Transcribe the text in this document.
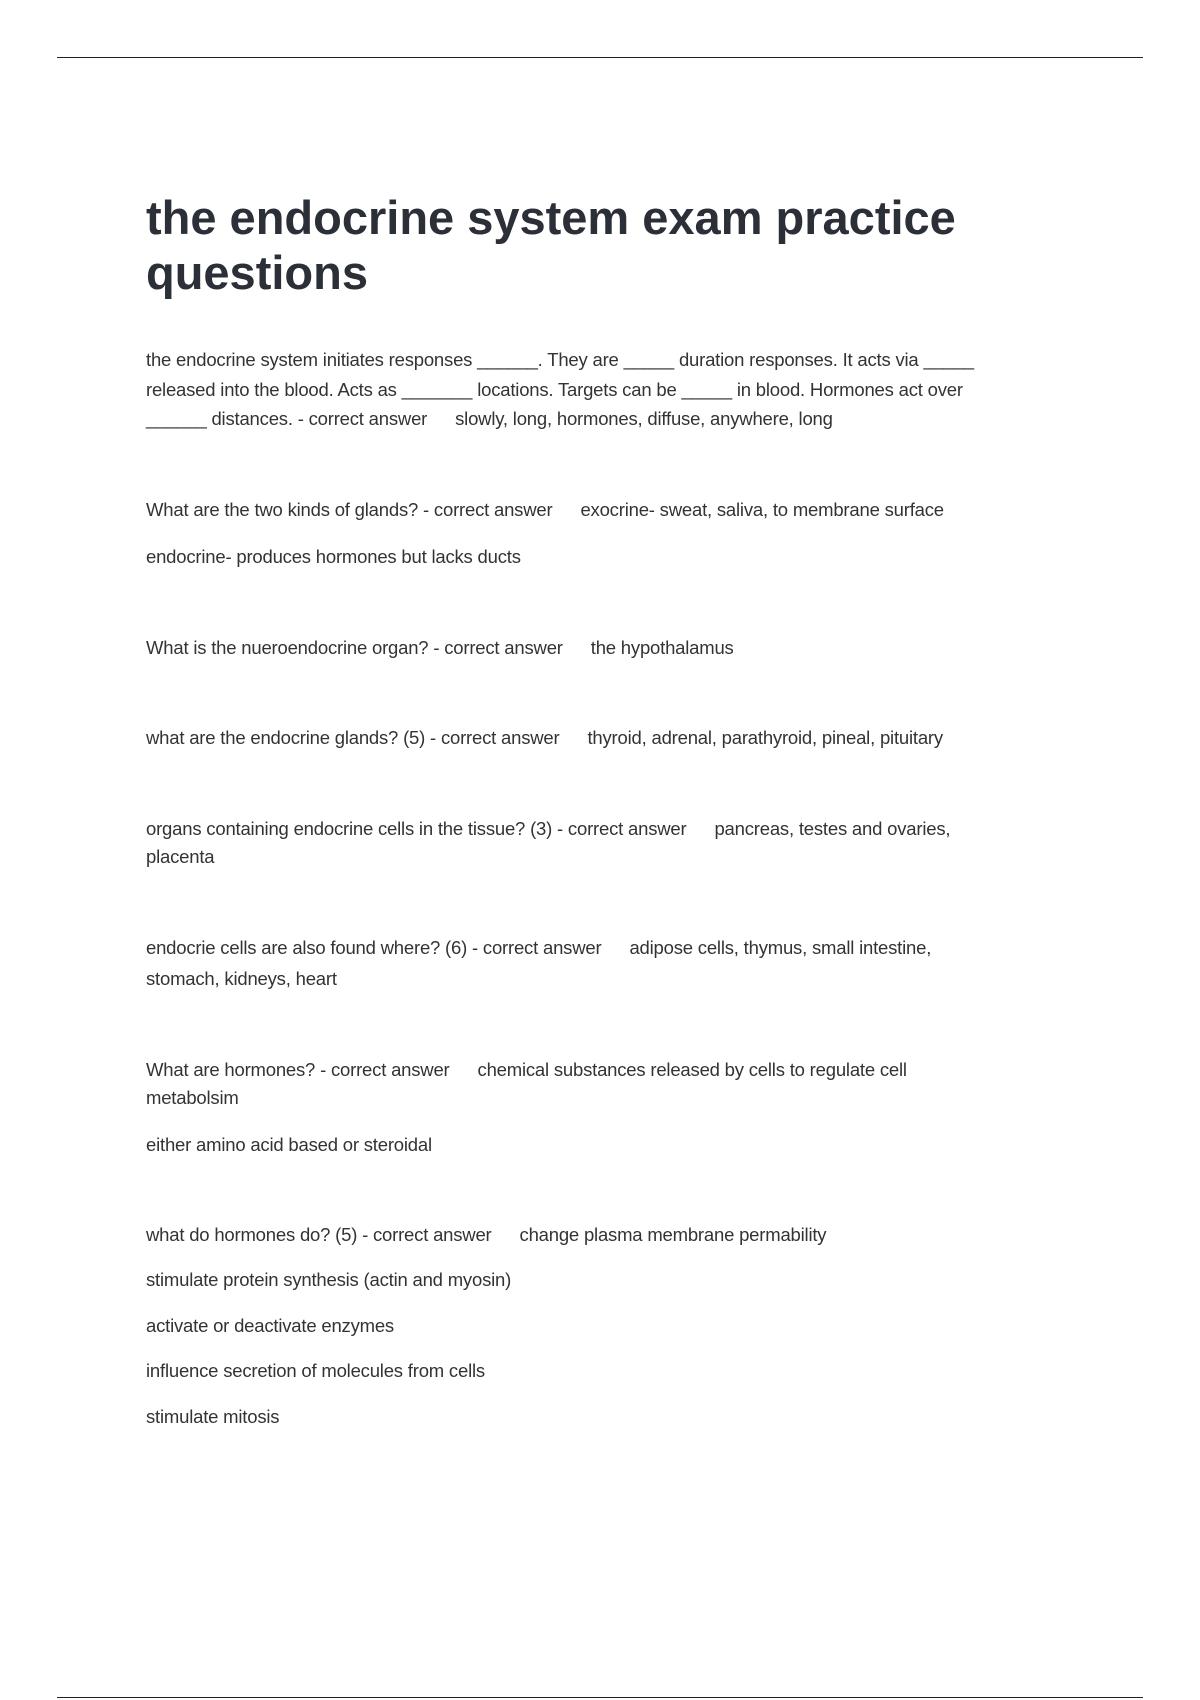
the endocrine system exam practice questions
the endocrine system initiates responses ______. They are _____ duration responses. It acts via _____
released into the blood. Acts as _______ locations. Targets can be _____ in blood. Hormones act over
______ distances. - correct answer slowly, long, hormones, diffuse, anywhere, long
What are the two kinds of glands? - correct answer exocrine- sweat, saliva, to membrane surface
endocrine- produces hormones but lacks ducts
What is the nueroendocrine organ? - correct answer the hypothalamus
what are the endocrine glands? (5) - correct answer thyroid, adrenal, parathyroid, pineal, pituitary
organs containing endocrine cells in the tissue? (3) - correct answer pancreas, testes and ovaries,
placenta
endocrie cells are also found where? (6) - correct answer adipose cells, thymus, small intestine,
stomach, kidneys, heart
What are hormones? - correct answer chemical substances released by cells to regulate cell
metabolsim
either amino acid based or steroidal
what do hormones do? (5) - correct answer change plasma membrane permability
stimulate protein synthesis (actin and myosin)
activate or deactivate enzymes
influence secretion of molecules from cells
stimulate mitosis
